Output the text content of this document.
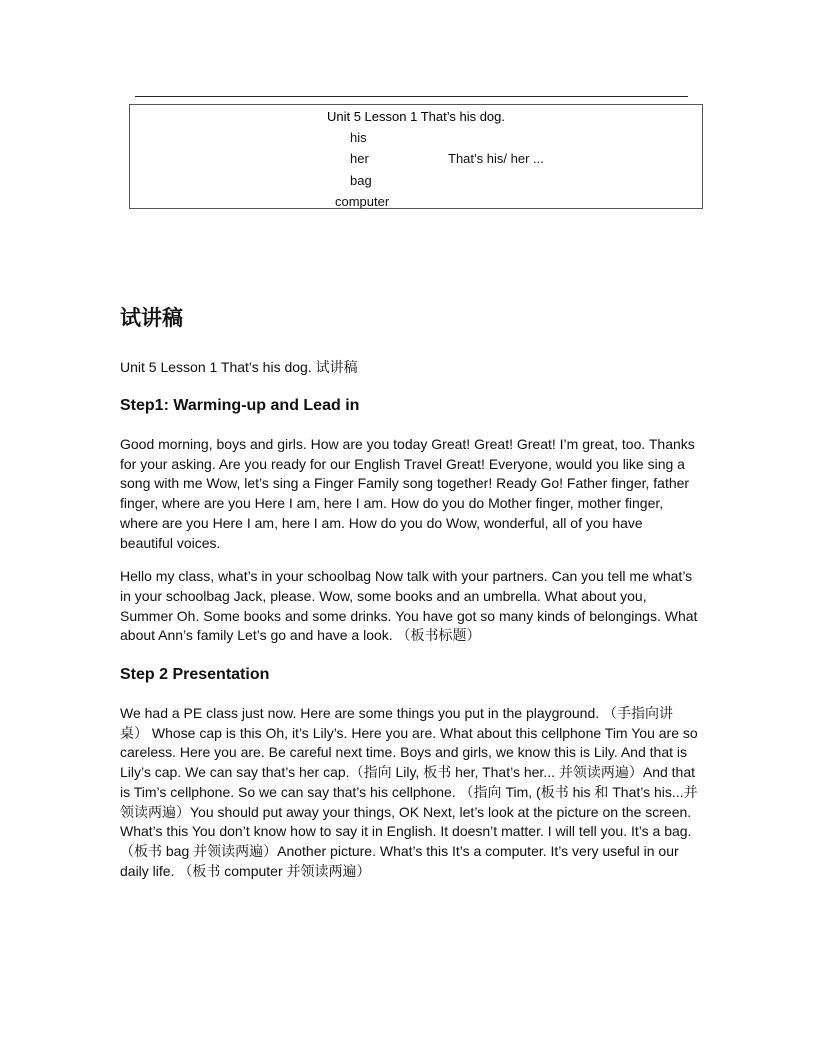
Unit 5 Lesson 1 That’s his dog.
his
her
bag
computer
That’s his/ her ...
试讲稿
Unit 5 Lesson 1 That’s his dog. 试讲稿
Step1: Warming-up and Lead in
Good morning, boys and girls. How are you today Great! Great! Great! I’m great, too. Thanks for your asking. Are you ready for our English Travel Great! Everyone, would you like sing a song with me Wow, let’s sing a Finger Family song together! Ready Go! Father finger, father finger, where are you Here I am, here I am. How do you do Mother finger, mother finger, where are you Here I am, here I am. How do you do Wow, wonderful, all of you have beautiful voices.
Hello my class, what’s in your schoolbag Now talk with your partners. Can you tell me what’s in your schoolbag Jack, please. Wow, some books and an umbrella. What about you, Summer Oh. Some books and some drinks. You have got so many kinds of belongings. What about Ann’s family Let’s go and have a look. （板书标题）
Step 2 Presentation
We had a PE class just now. Here are some things you put in the playground. （手指向讲桌） Whose cap is this Oh, it’s Lily’s. Here you are. What about this cellphone Tim You are so careless. Here you are. Be careful next time. Boys and girls, we know this is Lily. And that is Lily’s cap. We can say that’s her cap.（指向 Lily, 板书 her, That’s her... 并领读两遍）And that is Tim’s cellphone. So we can say that’s his cellphone. （指向 Tim, (板书 his 和 That’s his...并领读两遍）You should put away your things, OK Next, let’s look at the picture on the screen. What’s this You don’t know how to say it in English. It doesn’t matter. I will tell you. It’s a bag. （板书 bag 并领读两遍）Another picture. What’s this It’s a computer. It’s very useful in our daily life. （板书 computer 并领读两遍）
